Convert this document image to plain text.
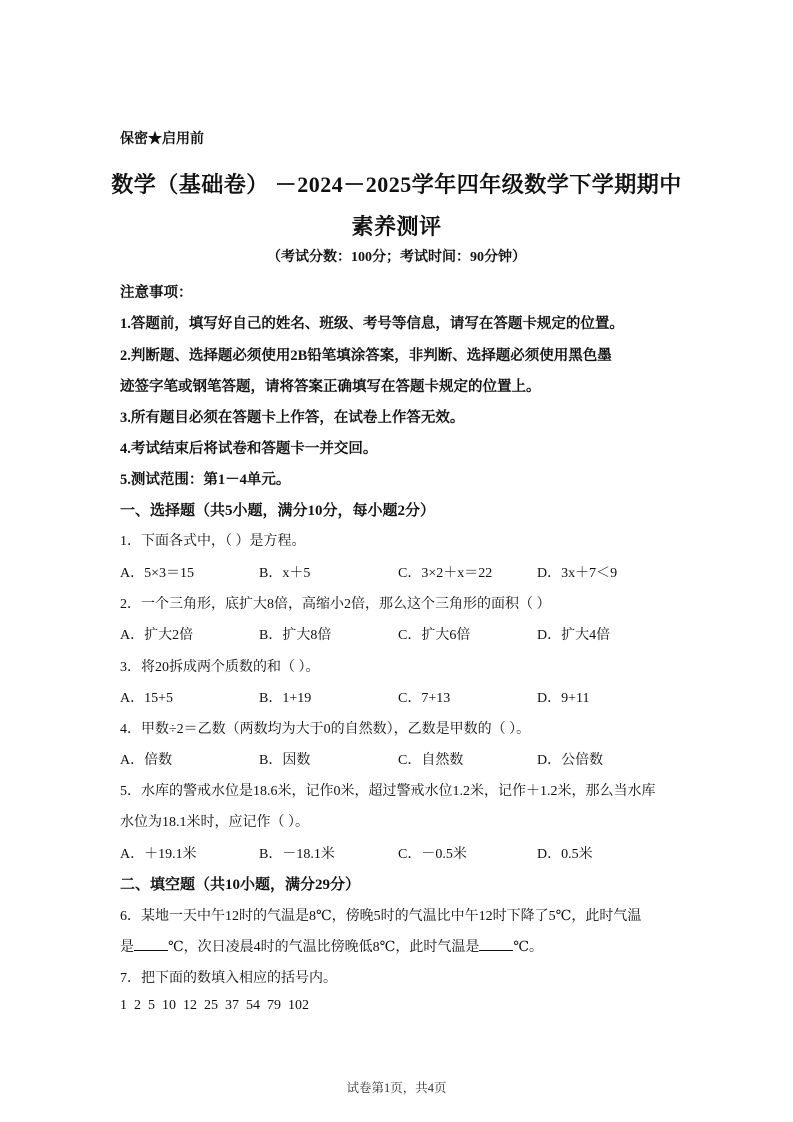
保密★启用前
数学（基础卷） －2024－2025学年四年级数学下学期期中
素养测评
（考试分数：100分；考试时间：90分钟）
注意事项：
1.答题前，填写好自己的姓名、班级、考号等信息，请写在答题卡规定的位置。
2.判断题、选择题必须使用2B铅笔填涂答案，非判断、选择题必须使用黑色墨
迹签字笔或钢笔答题，请将答案正确填写在答题卡规定的位置上。
3.所有题目必须在答题卡上作答，在试卷上作答无效。
4.考试结束后将试卷和答题卡一并交回。
5.测试范围：第1－4单元。
一、选择题（共5小题，满分10分，每小题2分）
1．下面各式中，（ ）是方程。
A．5×3＝15	B．x＋5	C．3×2＋x＝22	D．3x＋7＜9
2．一个三角形，底扩大8倍，高缩小2倍，那么这个三角形的面积（ ）
A．扩大2倍	B．扩大8倍	C．扩大6倍	D．扩大4倍
3．将20拆成两个质数的和（ ）。
A．15+5	B．1+19	C．7+13	D．9+11
4．甲数÷2＝乙数（两数均为大于0的自然数），乙数是甲数的（ ）。
A．倍数	B．因数	C．自然数	D．公倍数
5．水库的警戒水位是18.6米，记作0米，超过警戒水位1.2米，记作＋1.2米，那么当水库
水位为18.1米时，应记作（ ）。
A．＋19.1米	B．－18.1米	C．－0.5米	D．0.5米
二、填空题（共10小题，满分29分）
6．某地一天中午12时的气温是8℃，傍晚5时的气温比中午12时下降了5℃，此时气温
是 ℃，次日凌晨4时的气温比傍晚低8℃，此时气温是 ℃。
7．把下面的数填入相应的括号内。
1  2  5  10  12  25  37  54  79  102
试卷第1页，共4页
